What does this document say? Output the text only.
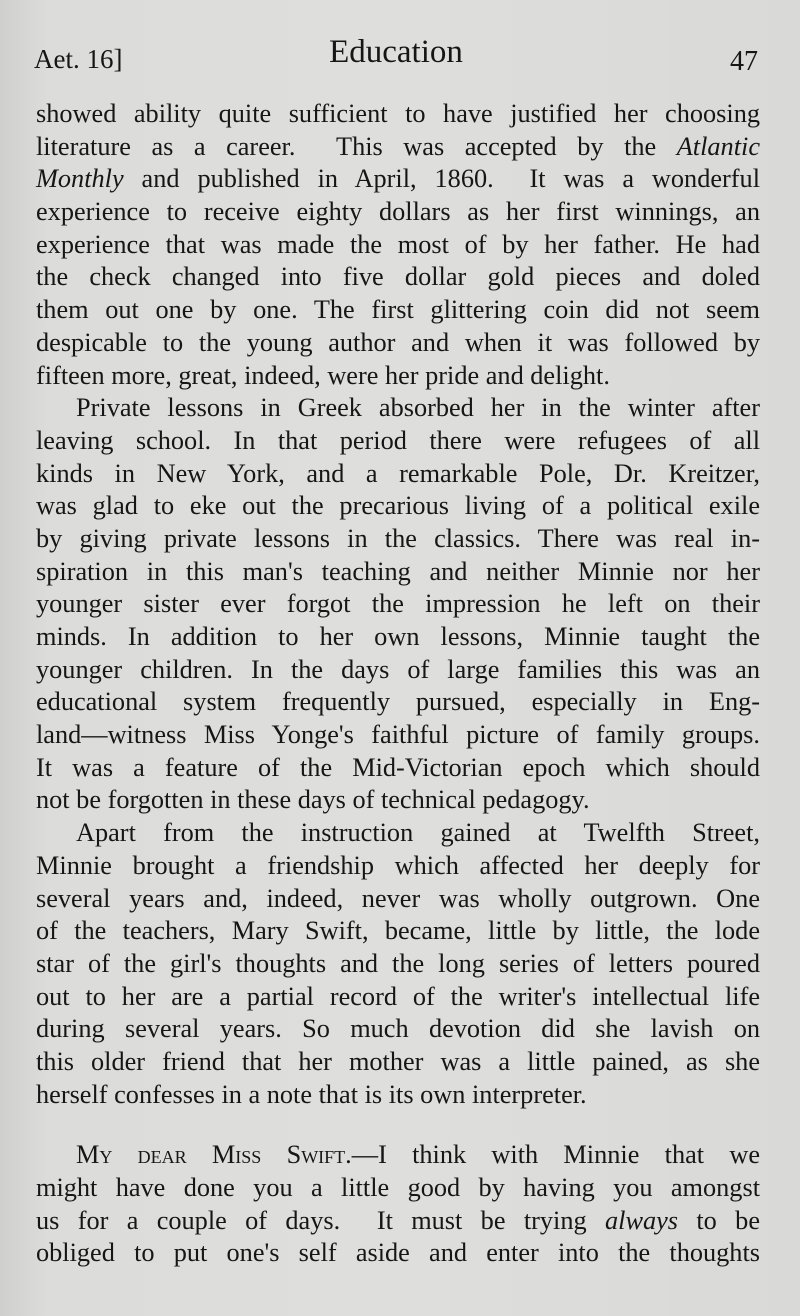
Aet. 16]	Education	47
showed ability quite sufficient to have justified her choosing
literature as a career.  This was accepted by the Atlantic
Monthly and published in April, 1860.  It was a wonderful
experience to receive eighty dollars as her first winnings, an
experience that was made the most of by her father. He had
the check changed into five dollar gold pieces and doled
them out one by one. The first glittering coin did not seem
despicable to the young author and when it was followed by
fifteen more, great, indeed, were her pride and delight.
Private lessons in Greek absorbed her in the winter after
leaving school. In that period there were refugees of all
kinds in New York, and a remarkable Pole, Dr. Kreitzer,
was glad to eke out the precarious living of a political exile
by giving private lessons in the classics. There was real in-
spiration in this man's teaching and neither Minnie nor her
younger sister ever forgot the impression he left on their
minds. In addition to her own lessons, Minnie taught the
younger children. In the days of large families this was an
educational system frequently pursued, especially in Eng-
land—witness Miss Yonge's faithful picture of family groups.
It was a feature of the Mid-Victorian epoch which should
not be forgotten in these days of technical pedagogy.
Apart from the instruction gained at Twelfth Street,
Minnie brought a friendship which affected her deeply for
several years and, indeed, never was wholly outgrown. One
of the teachers, Mary Swift, became, little by little, the lode
star of the girl's thoughts and the long series of letters poured
out to her are a partial record of the writer's intellectual life
during several years. So much devotion did she lavish on
this older friend that her mother was a little pained, as she
herself confesses in a note that is its own interpreter.
My dear Miss Swift.—I think with Minnie that we
might have done you a little good by having you amongst
us for a couple of days.  It must be trying always to be
obliged to put one's self aside and enter into the thoughts
